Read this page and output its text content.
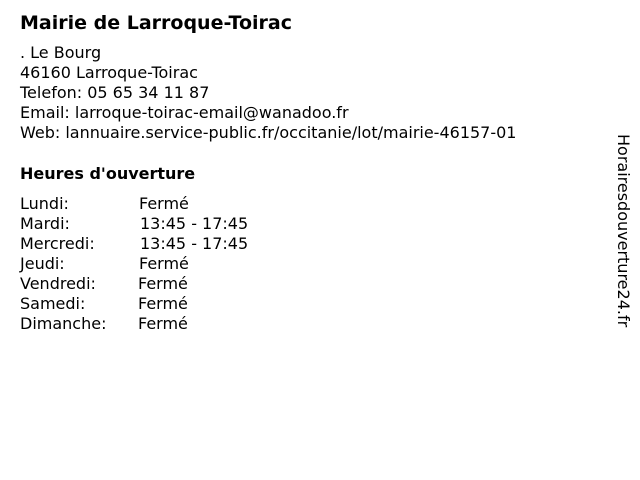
Mairie de Larroque-Toirac
. Le Bourg
46160 Larroque-Toirac
Telefon: 05 65 34 11 87
Email: larroque-toirac-email@wanadoo.fr
Web: lannuaire.service-public.fr/occitanie/lot/mairie-46157-01
Heures d'ouverture
Lundi:	Fermé
Mardi:	13:45 - 17:45
Mercredi:	13:45 - 17:45
Jeudi:	Fermé
Vendredi:	Fermé
Samedi:	Fermé
Dimanche: Fermé	Horairesdouverture24.fr
